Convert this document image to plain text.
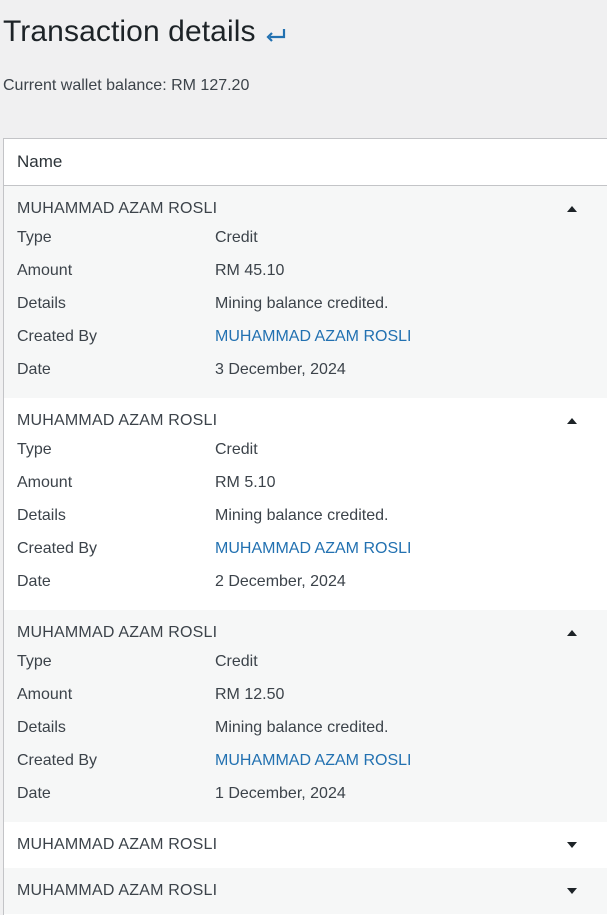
Transaction details

Current wallet balance: RM 127.20

Name
MUHAMMAD AZAM ROSLI
Type	Credit
Amount	RM 45.10
Details	Mining balance credited.
Created By	MUHAMMAD AZAM ROSLI
Date	3 December, 2024
MUHAMMAD AZAM ROSLI
Type	Credit
Amount	RM 5.10
Details	Mining balance credited.
Created By	MUHAMMAD AZAM ROSLI
Date	2 December, 2024
MUHAMMAD AZAM ROSLI
Type	Credit
Amount	RM 12.50
Details	Mining balance credited.
Created By	MUHAMMAD AZAM ROSLI
Date	1 December, 2024
MUHAMMAD AZAM ROSLI
MUHAMMAD AZAM ROSLI
